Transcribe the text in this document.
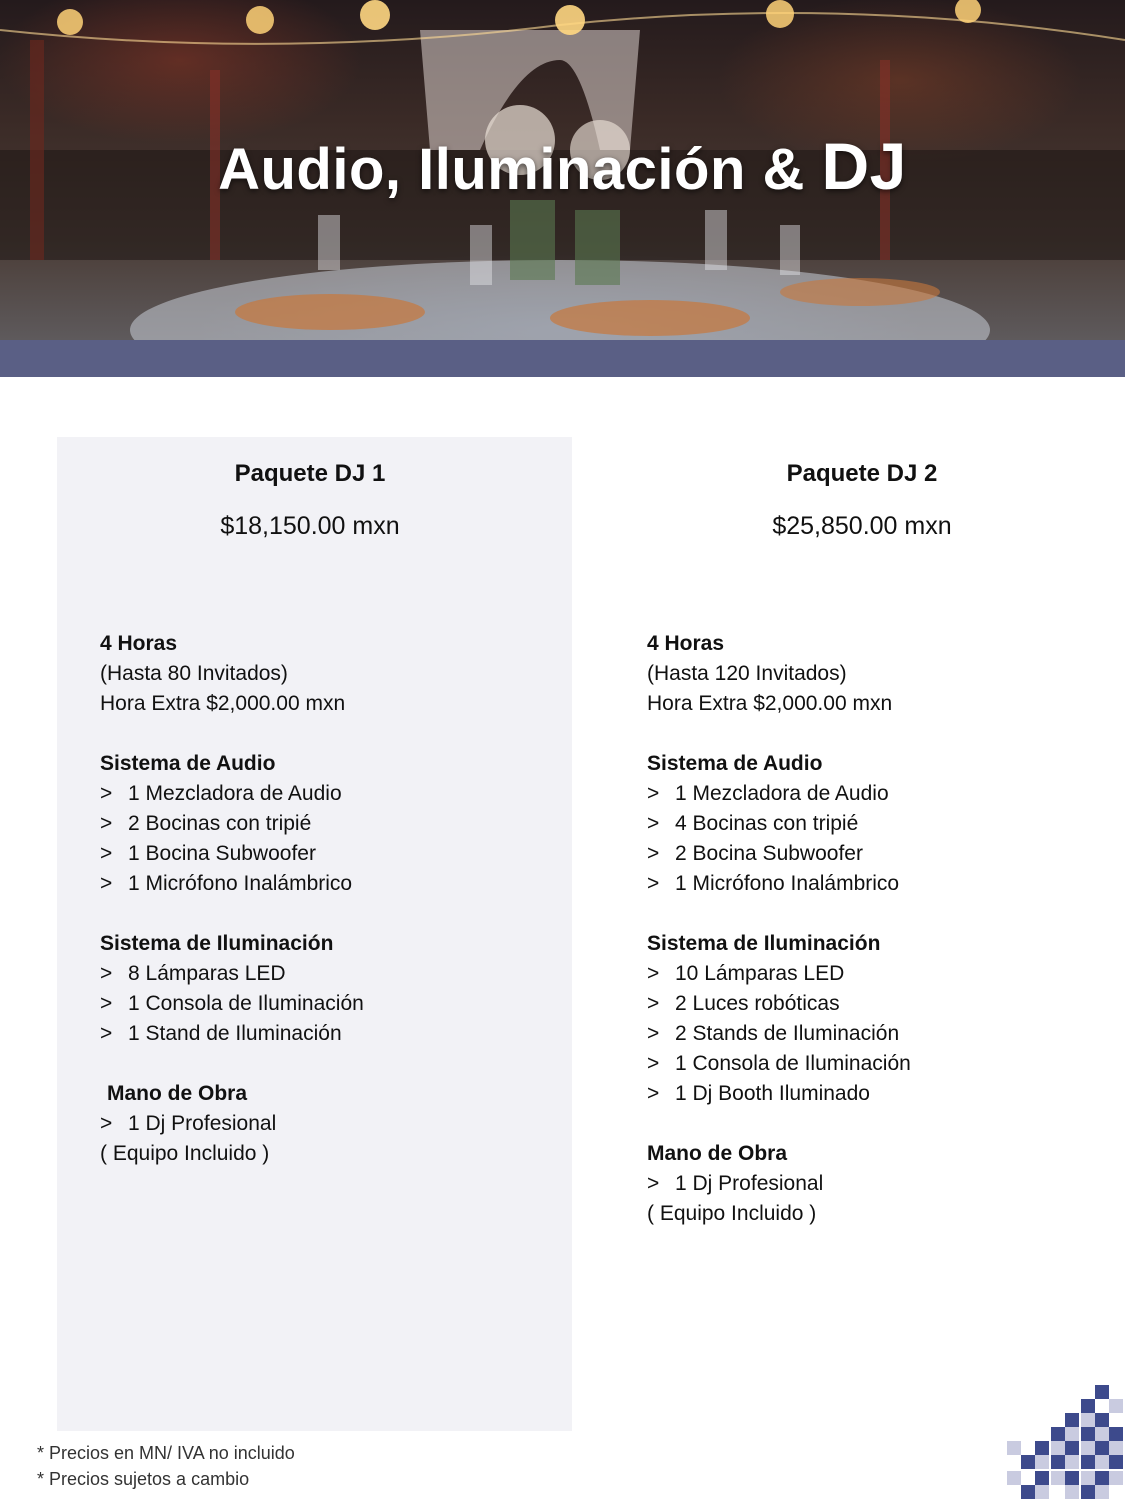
Audio, Iluminación & DJ
Paquete DJ 1
$18,150.00 mxn
4 Horas
(Hasta 80 Invitados)
Hora Extra $2,000.00 mxn
Sistema de Audio
> 1 Mezcladora de Audio
> 2 Bocinas con tripié
> 1 Bocina Subwoofer
> 1 Micrófono Inalámbrico
Sistema de Iluminación
> 8 Lámparas LED
> 1 Consola de Iluminación
> 1 Stand de Iluminación
Mano de Obra
> 1 Dj Profesional
( Equipo Incluido )
Paquete DJ 2
$25,850.00 mxn
4 Horas
(Hasta 120 Invitados)
Hora Extra $2,000.00 mxn
Sistema de Audio
> 1 Mezcladora de Audio
> 4 Bocinas con tripié
> 2 Bocina Subwoofer
> 1 Micrófono Inalámbrico
Sistema de Iluminación
> 10 Lámparas LED
> 2 Luces robóticas
> 2 Stands de Iluminación
> 1 Consola de Iluminación
> 1 Dj Booth Iluminado
Mano de Obra
> 1 Dj Profesional
( Equipo Incluido )
* Precios en MN/ IVA no incluido
* Precios sujetos a cambio
